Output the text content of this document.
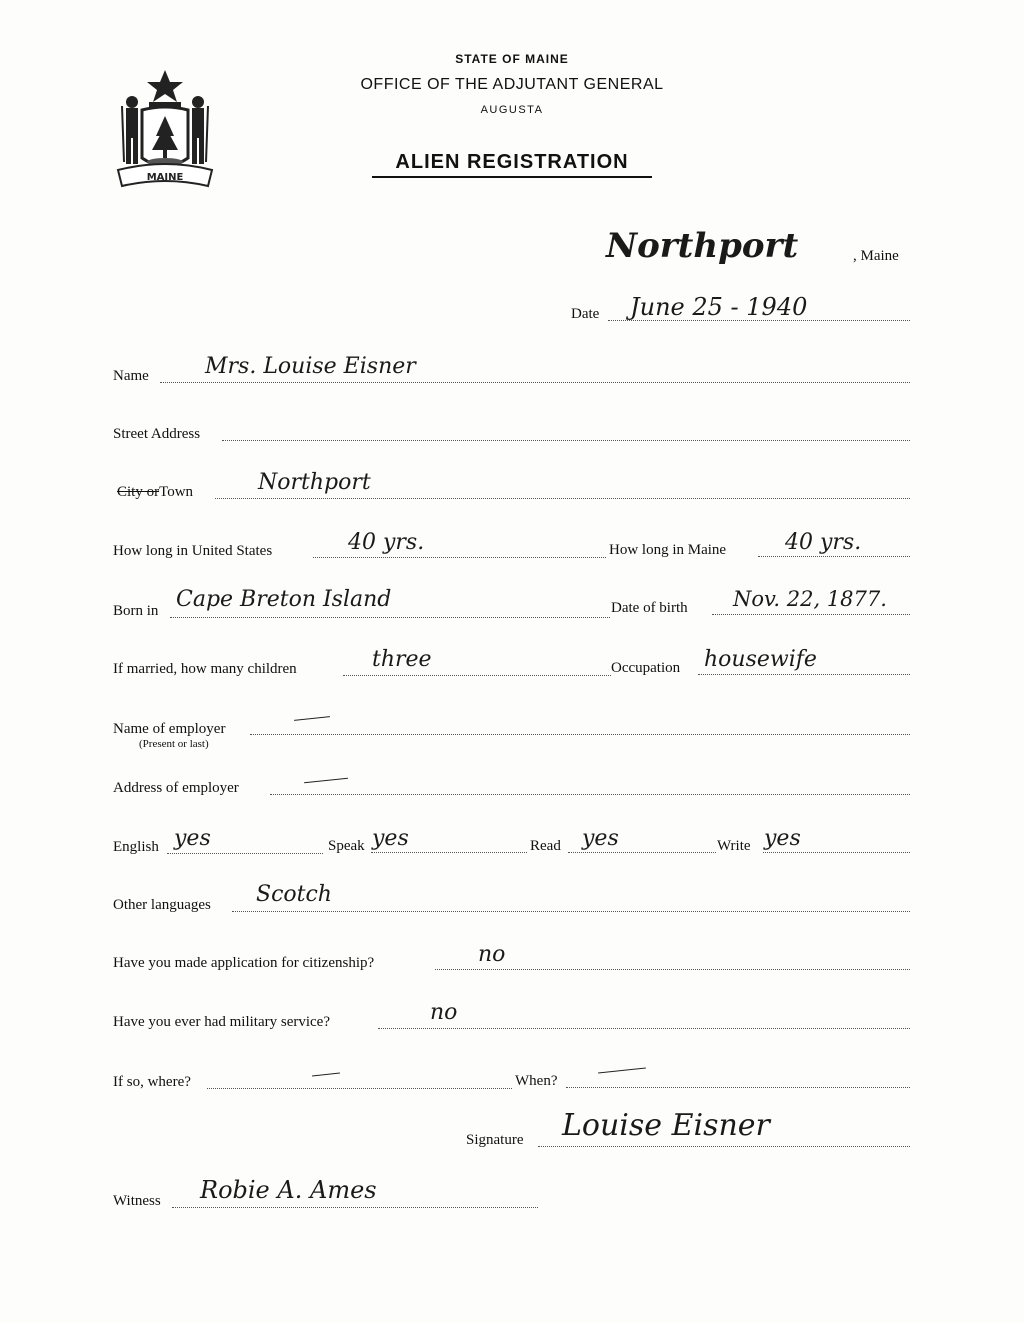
MAINE
STATE OF MAINE
OFFICE OF THE ADJUTANT GENERAL
AUGUSTA
ALIEN REGISTRATION
Northport	, Maine
Date June 25 - 1940
Name	Mrs. Louise Eisner
Street Address
City orTown	Northport
How long in United States	40 yrs.	How long in Maine	40 yrs.
Born in Cape Breton Island	Date of birth Nov. 22, 1877.
If married, how many children	three	Occupation housewife
Name of employer
(Present or last)
Address of employer
English yes	Speak yes	Read yes	Write yes
Other languages Scotch
Have you made application for citizenship?	no
Have you ever had military service?	no
If so, where?	When?
Signature Louise Eisner
Witness Robie A. Ames
